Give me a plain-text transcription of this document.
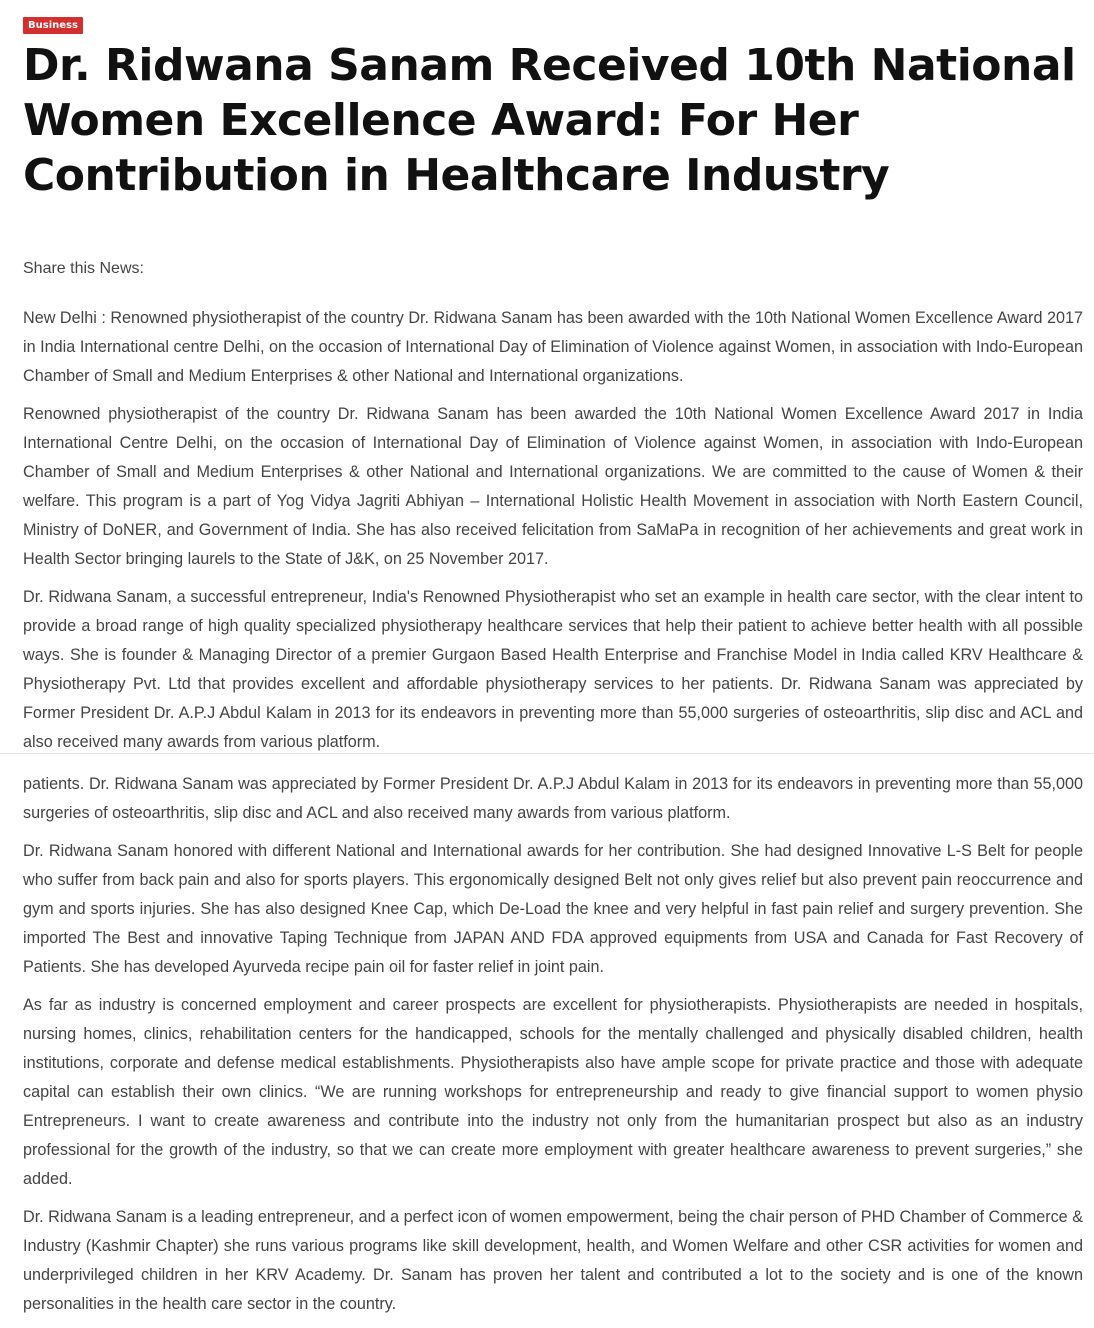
Business
Dr. Ridwana Sanam Received 10th National Women Excellence Award: For Her Contribution in Healthcare Industry
Share this News:

New Delhi : Renowned physiotherapist of the country Dr. Ridwana Sanam has been awarded with the 10th National Women Excellence Award 2017 in India International centre Delhi, on the occasion of International Day of Elimination of Violence against Women, in association with Indo-European Chamber of Small and Medium Enterprises & other National and International organizations.

Renowned physiotherapist of the country Dr. Ridwana Sanam has been awarded the 10th National Women Excellence Award 2017 in India International Centre Delhi, on the occasion of International Day of Elimination of Violence against Women, in association with Indo-European Chamber of Small and Medium Enterprises & other National and International organizations. We are committed to the cause of Women & their welfare. This program is a part of Yog Vidya Jagriti Abhiyan – International Holistic Health Movement in association with North Eastern Council, Ministry of DoNER, and Government of India. She has also received felicitation from SaMaPa in recognition of her achievements and great work in Health Sector bringing laurels to the State of J&K, on 25 November 2017.

Dr. Ridwana Sanam, a successful entrepreneur, India's Renowned Physiotherapist who set an example in health care sector, with the clear intent to provide a broad range of high quality specialized physiotherapy healthcare services that help their patient to achieve better health with all possible ways. She is founder & Managing Director of a premier Gurgaon Based Health Enterprise and Franchise Model in India called KRV Healthcare & Physiotherapy Pvt. Ltd that provides excellent and affordable physiotherapy services to her patients. Dr. Ridwana Sanam was appreciated by Former President Dr. A.P.J Abdul Kalam in 2013 for its endeavors in preventing more than 55,000 surgeries of osteoarthritis, slip disc and ACL and also received many awards from various platform.

patients. Dr. Ridwana Sanam was appreciated by Former President Dr. A.P.J Abdul Kalam in 2013 for its endeavors in preventing more than 55,000 surgeries of osteoarthritis, slip disc and ACL and also received many awards from various platform.

Dr. Ridwana Sanam honored with different National and International awards for her contribution. She had designed Innovative L-S Belt for people who suffer from back pain and also for sports players. This ergonomically designed Belt not only gives relief but also prevent pain reoccurrence and gym and sports injuries. She has also designed Knee Cap, which De-Load the knee and very helpful in fast pain relief and surgery prevention. She imported The Best and innovative Taping Technique from JAPAN AND FDA approved equipments from USA and Canada for Fast Recovery of Patients. She has developed Ayurveda recipe pain oil for faster relief in joint pain.

As far as industry is concerned employment and career prospects are excellent for physiotherapists. Physiotherapists are needed in hospitals, nursing homes, clinics, rehabilitation centers for the handicapped, schools for the mentally challenged and physically disabled children, health institutions, corporate and defense medical establishments. Physiotherapists also have ample scope for private practice and those with adequate capital can establish their own clinics. “We are running workshops for entrepreneurship and ready to give financial support to women physio Entrepreneurs. I want to create awareness and contribute into the industry not only from the humanitarian prospect but also as an industry professional for the growth of the industry, so that we can create more employment with greater healthcare awareness to prevent surgeries,” she added.

Dr. Ridwana Sanam is a leading entrepreneur, and a perfect icon of women empowerment, being the chair person of PHD Chamber of Commerce & Industry (Kashmir Chapter) she runs various programs like skill development, health, and Women Welfare and other CSR activities for women and underprivileged children in her KRV Academy. Dr. Sanam has proven her talent and contributed a lot to the society and is one of the known personalities in the health care sector in the country.
